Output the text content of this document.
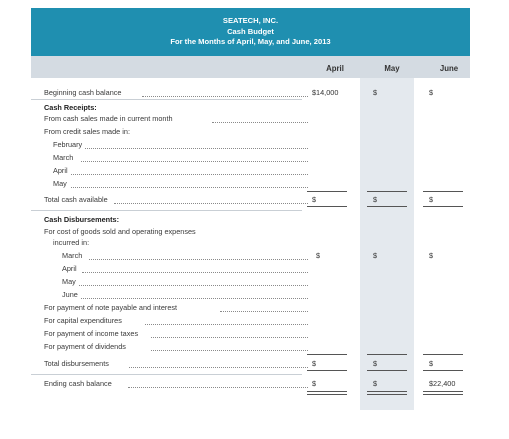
SEATECH, INC.
Cash Budget
For the Months of April, May, and June, 2013
April	May	June
Beginning cash balance	$14,000	$	$
Cash Receipts:
From cash sales made in current month
From credit sales made in:
February
March
April
May
Total cash available	$	$	$
Cash Disbursements:
For cost of goods sold and operating expenses
incurred in:
March	$	$	$
April
May
June
For payment of note payable and interest
For capital expenditures
For payment of income taxes
For payment of dividends
Total disbursements	$	$	$
Ending cash balance	$	$	$22,400
